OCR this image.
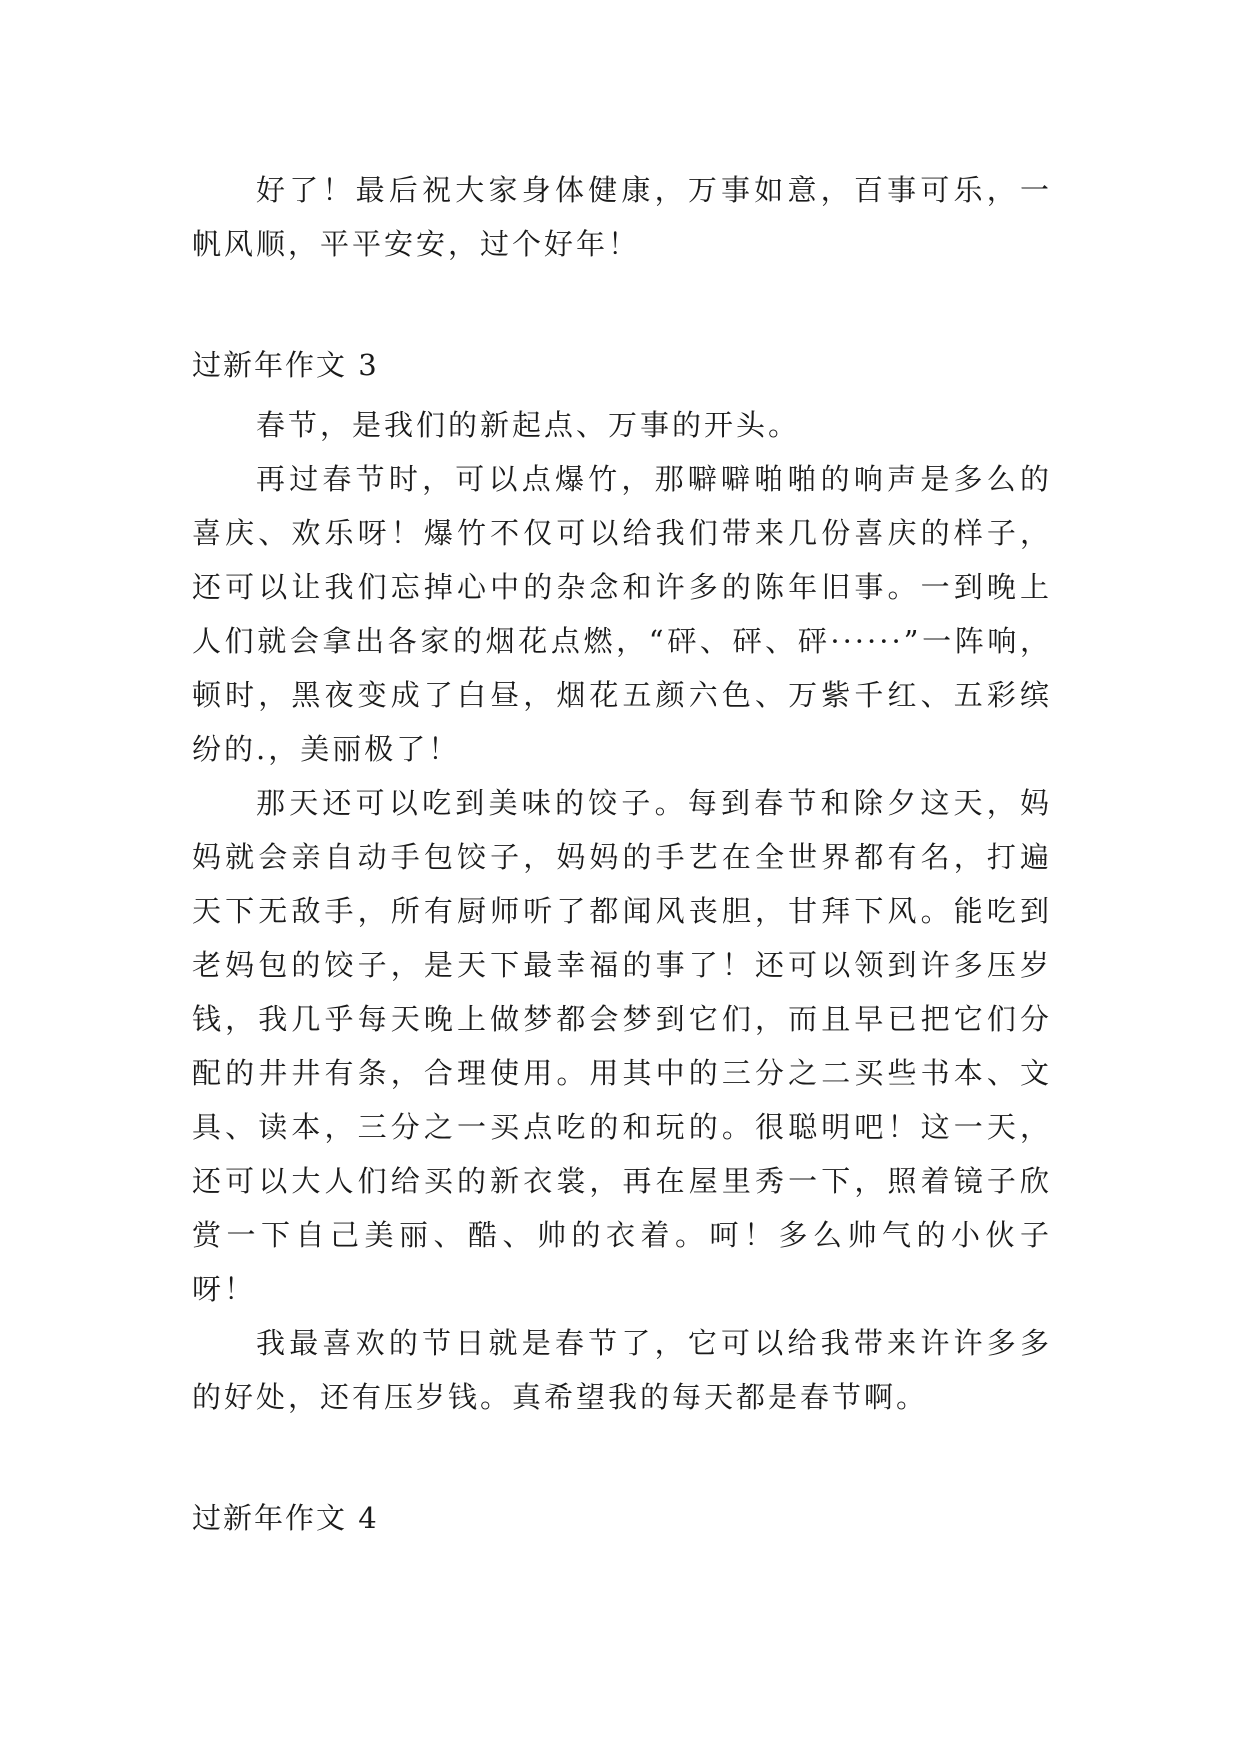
好了！最后祝大家身体健康，万事如意，百事可乐，一帆风顺，平平安安，过个好年！

过新年作文 3

春节，是我们的新起点、万事的开头。

再过春节时，可以点爆竹，那噼噼啪啪的响声是多么的喜庆、欢乐呀！爆竹不仅可以给我们带来几份喜庆的样子，还可以让我们忘掉心中的杂念和许多的陈年旧事。一到晚上人们就会拿出各家的烟花点燃，“砰、砰、砰······”一阵响，顿时，黑夜变成了白昼，烟花五颜六色、万紫千红、五彩缤纷的.，美丽极了！

那天还可以吃到美味的饺子。每到春节和除夕这天，妈妈就会亲自动手包饺子，妈妈的手艺在全世界都有名，打遍天下无敌手，所有厨师听了都闻风丧胆，甘拜下风。能吃到老妈包的饺子，是天下最幸福的事了！还可以领到许多压岁钱，我几乎每天晚上做梦都会梦到它们，而且早已把它们分配的井井有条，合理使用。用其中的三分之二买些书本、文具、读本，三分之一买点吃的和玩的。很聪明吧！这一天，还可以大人们给买的新衣裳，再在屋里秀一下，照着镜子欣赏一下自己美丽、酷、帅的衣着。呵！多么帅气的小伙子呀！

我最喜欢的节日就是春节了，它可以给我带来许许多多的好处，还有压岁钱。真希望我的每天都是春节啊。

过新年作文 4
